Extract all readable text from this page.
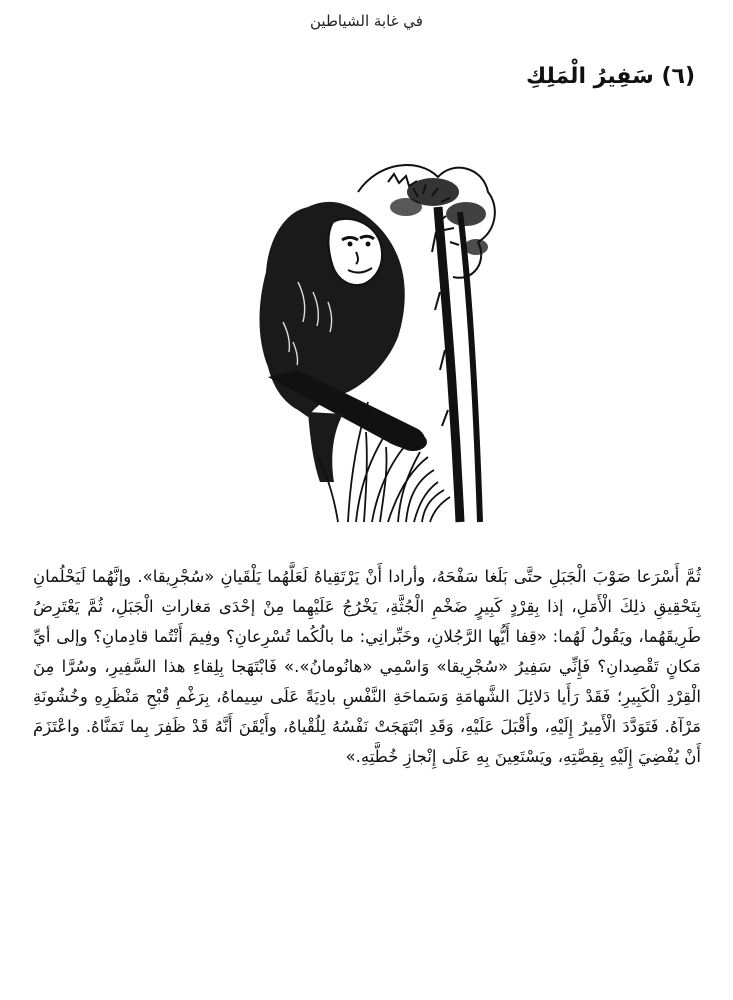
في غابة الشياطين
(٦) سَفِيرُ الْمَلِكِ

ثُمَّ أَسْرَعا صَوْبَ الْجَبَلِ حتَّى بَلَغا سَفْحَهُ، وأرادا أَنْ يَرْتَقِياهُ لَعَلَّهُما يَلْقَيانِ «سُجْرِيقا». وإنَّهُما لَيَحْلُمانِ بِتَحْقِيقِ ذلِكَ الْأَمَلِ، إذا بِقِرْدٍ كَبِيرٍ ضَخْمِ الْجُثَّةِ، يَخْرُجُ عَلَيْهِما مِنْ إحْدَى مَغاراتِ الْجَبَلِ، ثُمَّ يَعْتَرِضُ طَرِيقَهُما، ويَقُولُ لَهُما: «قِفا أَيُّها الرَّجُلانِ، وخَبِّرانِي: ما بالُكُما تُسْرِعانِ؟ وفِيمَ أَنْتُما قادِمانِ؟ وإلى أيِّ مَكانٍ تَقْصِدانِ؟ فَإِنِّي سَفِيرُ «سُجْرِيقا» وَاسْمِي «هانُومانُ».» فَابْتَهَجا بِلِقاءِ هذا السَّفِيرِ، وسُرَّا مِنَ الْقِرْدِ الْكَبِيرِ؛ فَقَدْ رَأَيا دَلائِلَ الشَّهامَةِ وَسَماحَةِ النَّفْسِ بادِيَةً عَلَى سِيماهُ، بِرَغْمِ قُبْحِ مَنْظَرِهِ وخُشُونَةِ مَرْآهُ. فَتَوَدَّدَ الْأَمِيرُ إِلَيْهِ، وأَقْبَلَ عَلَيْهِ، وَقَدِ ابْتَهَجَتْ نَفْسُهُ لِلُقْياهُ، وأَيْقَنَ أَنَّهُ قَدْ ظَفِرَ بِما تَمَنَّاهُ. واعْتَزَمَ أَنْ يُفْضِيَ إِلَيْهِ بِقِصَّتِهِ، ويَسْتَعِينَ بِهِ عَلَى إِنْجازِ خُطَّتِهِ.»
